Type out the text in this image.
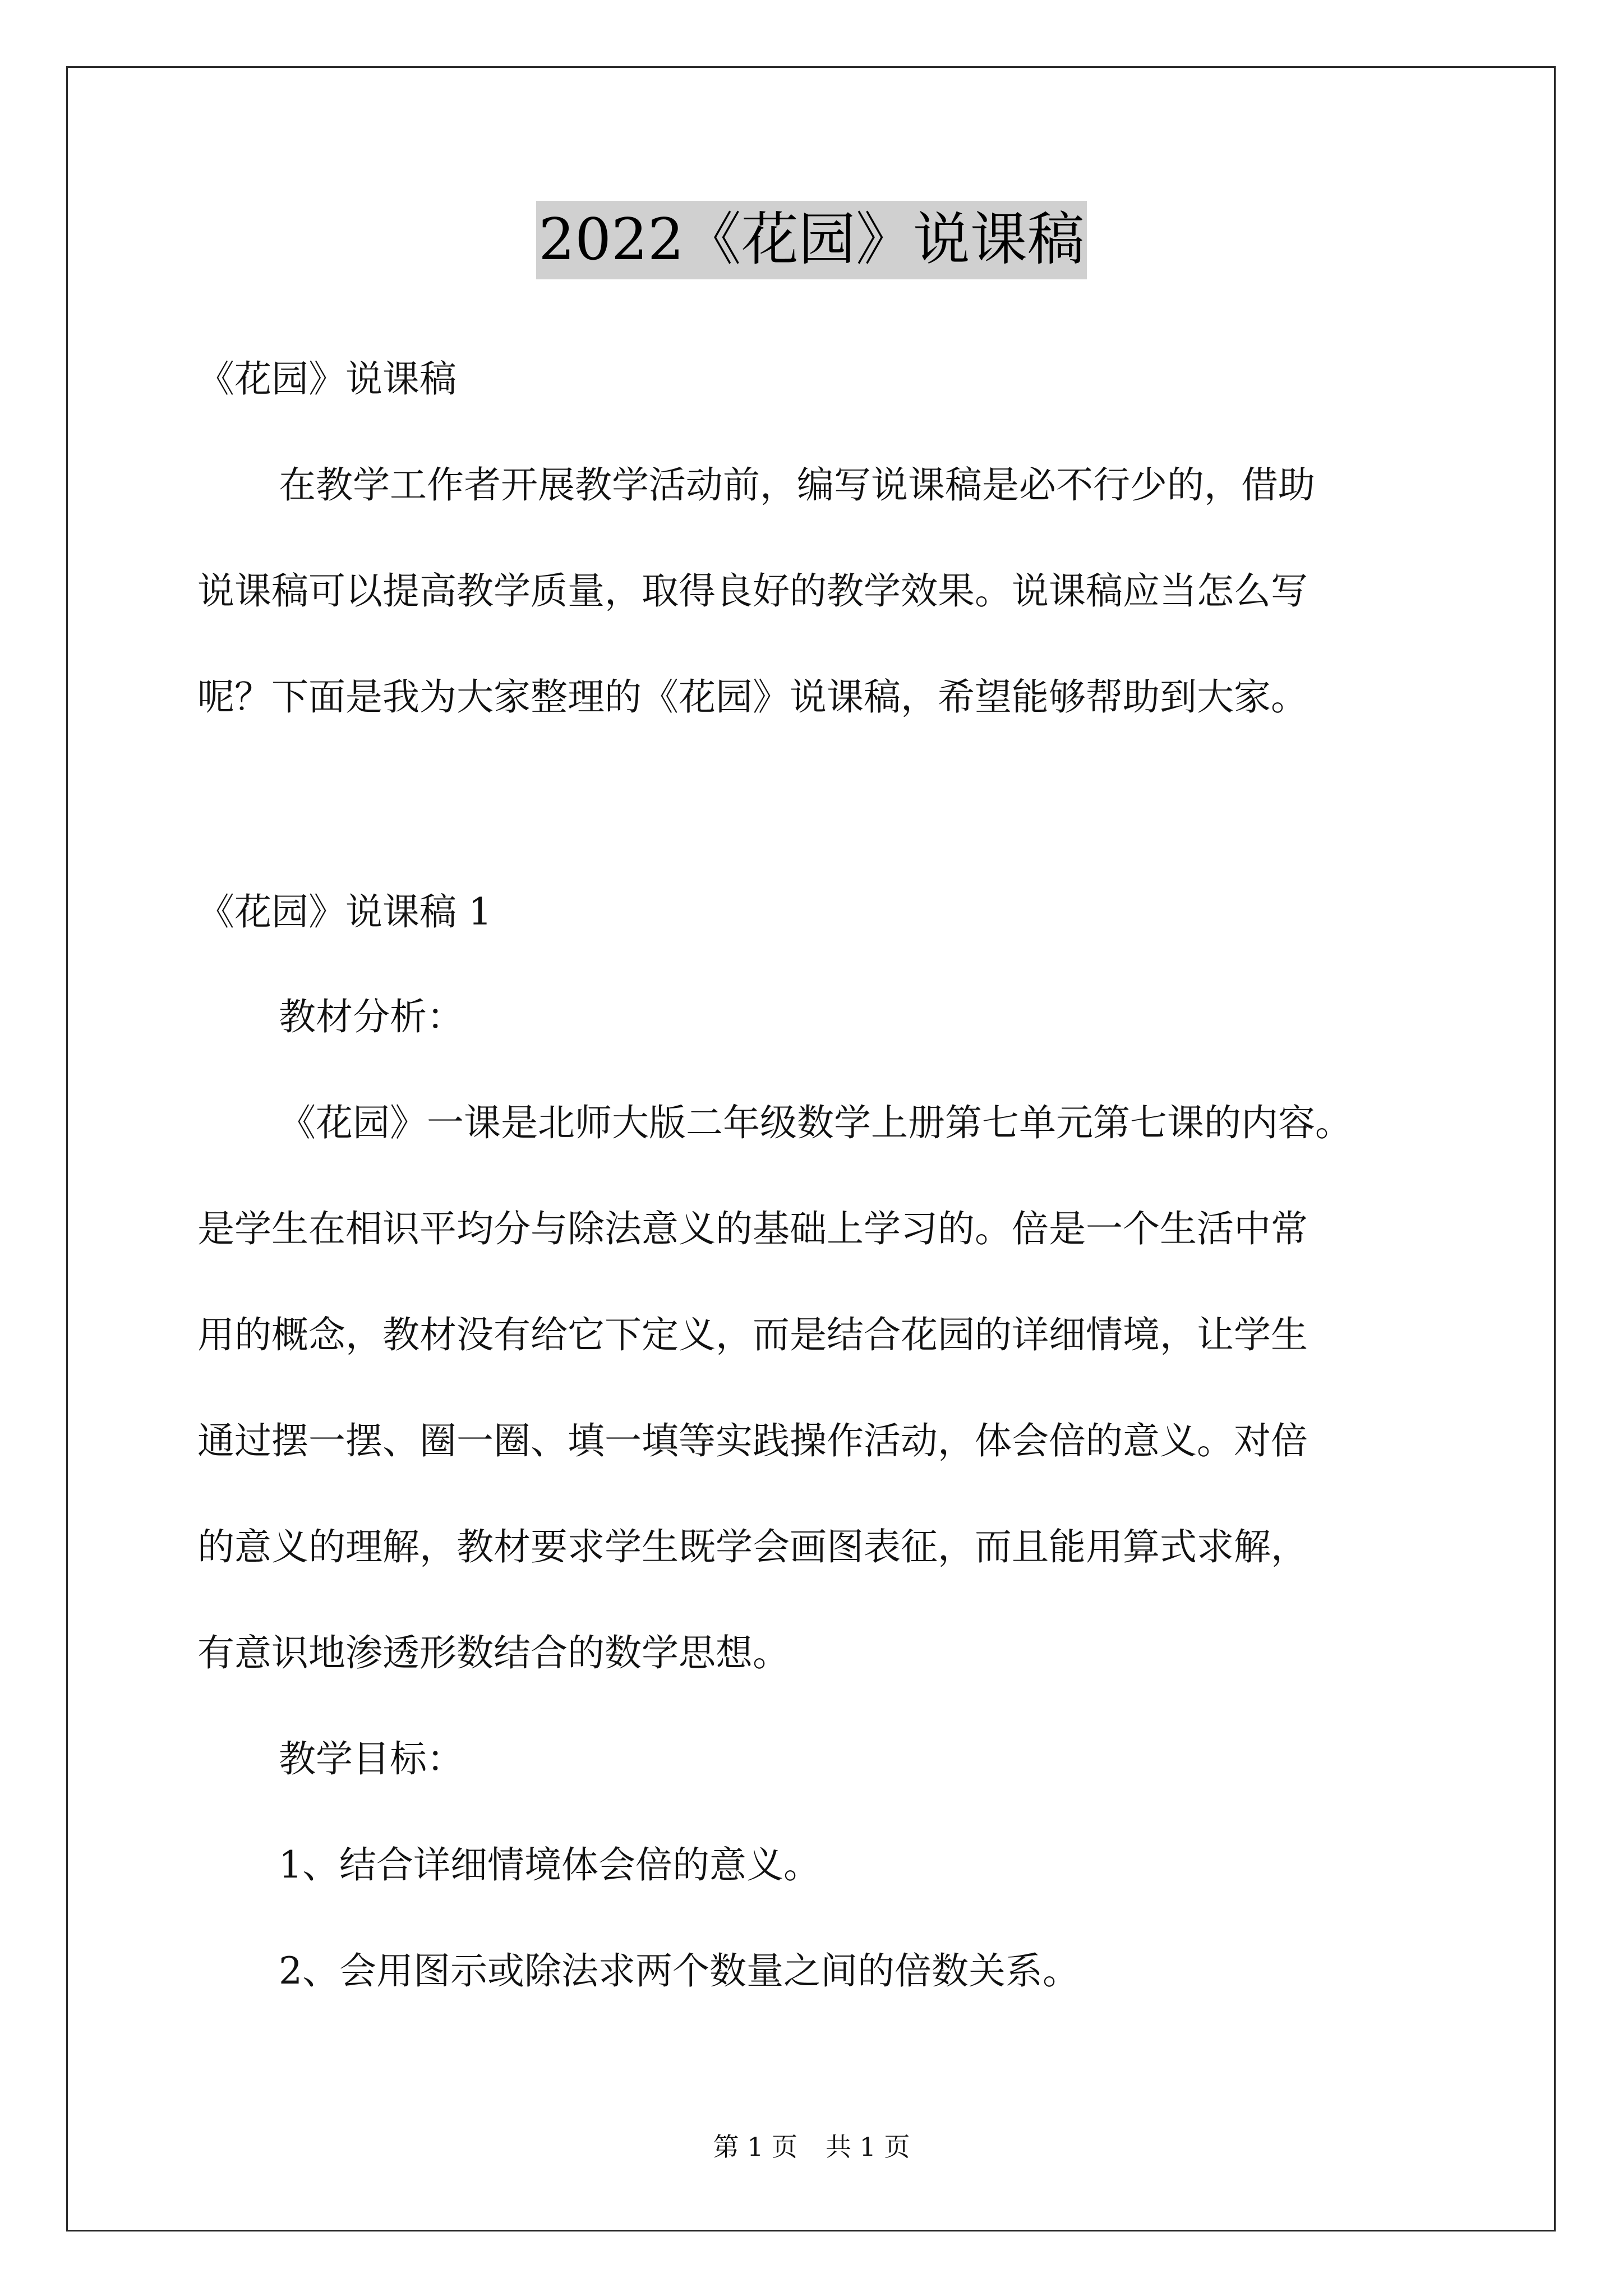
2022《花园》说课稿
《花园》说课稿
在教学工作者开展教学活动前，编写说课稿是必不行少的，借助
说课稿可以提高教学质量，取得良好的教学效果。说课稿应当怎么写
呢？下面是我为大家整理的《花园》说课稿，希望能够帮助到大家。
《花园》说课稿 1
教材分析：
《花园》一课是北师大版二年级数学上册第七单元第七课的内容。
是学生在相识平均分与除法意义的基础上学习的。倍是一个生活中常
用的概念，教材没有给它下定义，而是结合花园的详细情境，让学生
通过摆一摆、圈一圈、填一填等实践操作活动，体会倍的意义。对倍
的意义的理解，教材要求学生既学会画图表征，而且能用算式求解，
有意识地渗透形数结合的数学思想。
教学目标：
1、结合详细情境体会倍的意义。
2、会用图示或除法求两个数量之间的倍数关系。
第 1 页 共 1 页
